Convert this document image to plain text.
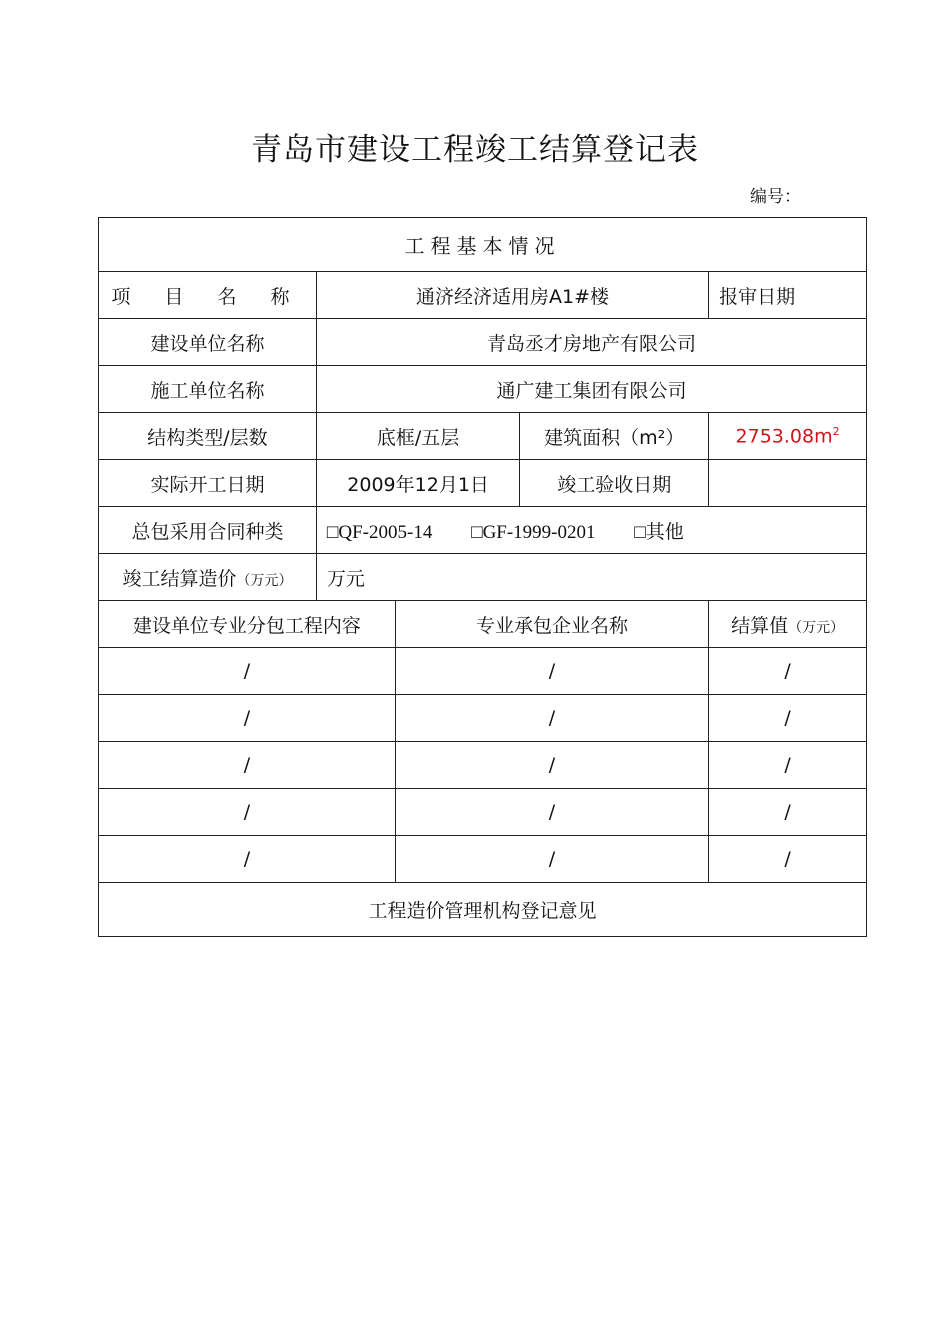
青岛市建设工程竣工结算登记表
编号：
工程基本情况				
项 目 名 称	通济经济适用房A1#楼			报审日期
建设单位名称	青岛丞才房地产有限公司			
施工单位名称	通广建工集团有限公司			
结构类型/层数	底框/五层		建筑面积（m²）	$2753.08m^2$
实际开工日期	2009年12月1日		竣工验收日期	
总包采用合同种类	□QF-2005-14 □GF-1999-0201 □其他			
竣工结算造价（万元）	万元			
建设单位专业分包工程内容		专业承包企业名称		结算值（万元）
/		/		/
/		/		/
/		/		/
/		/		/
/		/		/
工程造价管理机构登记意见				
